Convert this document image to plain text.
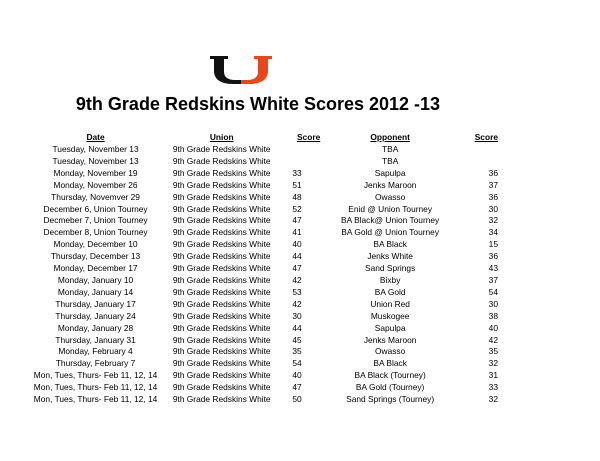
9th Grade Redskins White Scores 2012 -13
Date	Union	Score	Opponent	Score
Tuesday, November 13	9th Grade Redskins White		TBA	
Tuesday, November 13	9th Grade Redskins White		TBA	
Monday, November 19	9th Grade Redskins White	33	Sapulpa	36
Monday, November 26	9th Grade Redskins White	51	Jenks Maroon	37
Thursday, Novemver 29	9th Grade Redskins White	48	Owasso	36
December 6, Union Tourney	9th Grade Redskins White	52	Enid @ Union Tourney	30
Decmeber 7, Union Tourney	9th Grade Redskins White	47	BA Black@ Union Tourney	32
December 8, Union Tourney	9th Grade Redskins White	41	BA Gold @ Union Tourney	34
Monday, December 10	9th Grade Redskins White	40	BA Black	15
Thursday, December 13	9th Grade Redskins White	44	Jenks White	36
Monday, December 17	9th Grade Redskins White	47	Sand Springs	43
Monday, January 10	9th Grade Redskins White	42	Bixby	37
Monday, January 14	9th Grade Redskins White	53	BA Gold	54
Thursday, January 17	9th Grade Redskins White	42	Union Red	30
Thursday, January 24	9th Grade Redskins White	30	Muskogee	38
Monday, January 28	9th Grade Redskins White	44	Sapulpa	40
Thursday, January 31	9th Grade Redskins White	45	Jenks Maroon	42
Monday, February 4	9th Grade Redskins White	35	Owasso	35
Thursday, February 7	9th Grade Redskins White	54	BA Black	32
Mon, Tues, Thurs- Feb 11, 12, 14	9th Grade Redskins White	40	BA Black (Tourney)	31
Mon, Tues, Thurs- Feb 11, 12, 14	9th Grade Redskins White	47	BA Gold (Tourney)	33
Mon, Tues, Thurs- Feb 11, 12, 14	9th Grade Redskins White	50	Sand Springs (Tourney)	32
